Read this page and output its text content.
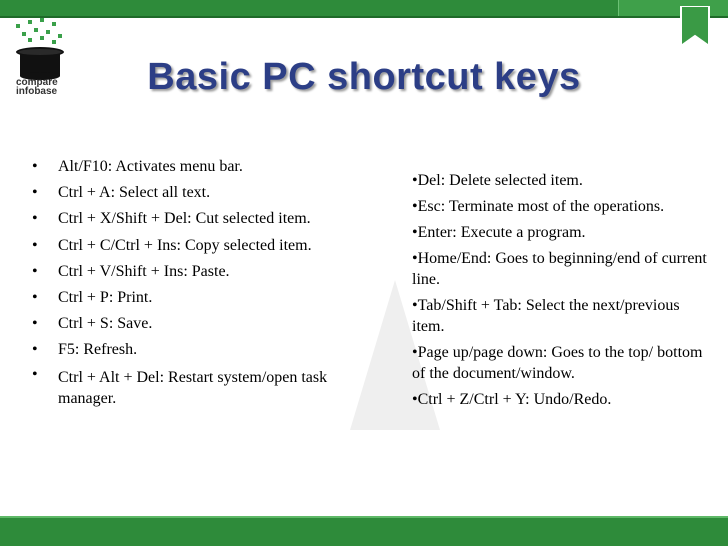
compare
infobase	Basic PC shortcut keys
• Alt/F10: Activates menu bar.
• Ctrl + A: Select all text.
• Ctrl + X/Shift + Del: Cut selected item.
• Ctrl + C/Ctrl + Ins: Copy selected item.
• Ctrl + V/Shift + Ins: Paste.
• Ctrl + P: Print.
• Ctrl + S: Save.
• F5: Refresh.
• Ctrl + Alt + Del: Restart system/open task manager.
• Del: Delete selected item.
• Esc: Terminate most of the operations.
• Enter: Execute a program.
• Home/End: Goes to beginning/end of current line.
• Tab/Shift + Tab: Select the next/previous item.
• Page up/page down: Goes to the top/ bottom of the document/window.
• Ctrl + Z/Ctrl + Y: Undo/Redo.
